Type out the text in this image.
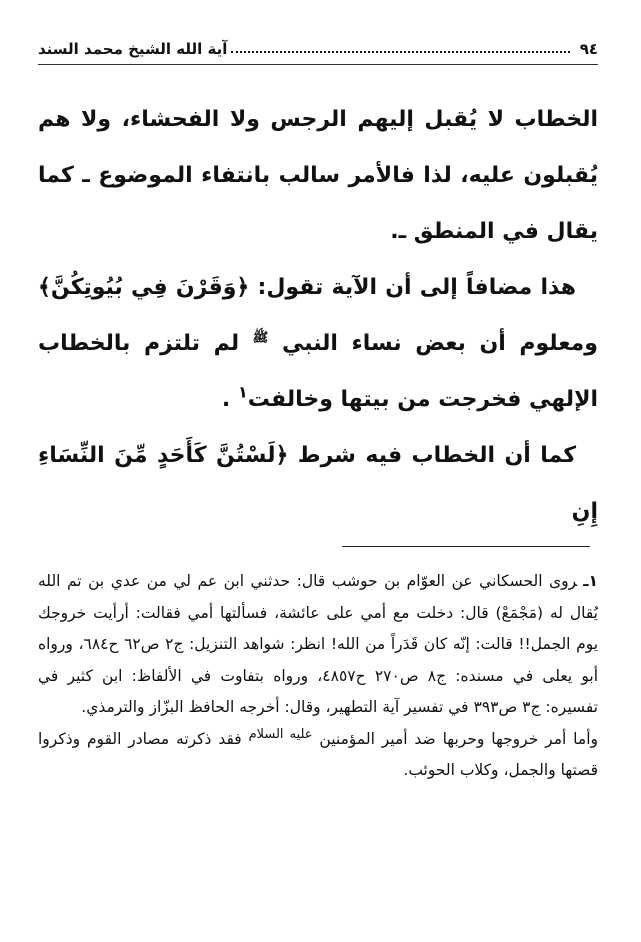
٩٤
آية الله الشيخ محمد السند

الخطاب لا يُقبل إليهم الرجس ولا الفحشاء، ولا هم يُقبلون عليه، لذا فالأمر سالب بانتفاء الموضوع ـ كما يقال في المنطق ـ.

هذا مضافاً إلى أن الآية تقول: ﴿وَقَرْنَ فِي بُيُوتِكُنَّ﴾ ومعلوم أن بعض نساء النبي $^ﷺ$ لم تلتزم بالخطاب الإلهي فخرجت من بيتها وخالفت$^١$ .

كما أن الخطاب فيه شرط ﴿لَسْتُنَّ كَأَحَدٍ مِّنَ النِّسَاءِ إِنِ

١ـروى الحسكاني عن العوّام بن حوشب قال: حدثني ابن عم لي من عدي بن تم الله يُقال له (مَجْمَعْ) قال: دخلت مع أمي على عائشة، فسألتها أمي فقالت: أرأيت خروجك يوم الجمل!! قالت: إنّه كان قَدَراً من الله! انظر: شواهد التنزيل: ج٢ ص٦٢ ح٦٨٤، ورواه أبو يعلى في مسنده: ج٨ ص٢٧٠ ح٤٨٥٧، ورواه بتفاوت في الألفاظ: ابن كثير في تفسيره: ج٣ ص٣٩٣ في تفسير آية التطهير، وقال: أخرجه الحافظ البزّاز والترمذي.

وأما أمر خروجها وحربها ضد أمير المؤمنين $^{عليه السلام}$ فقد ذكرته مصادر القوم وذكروا قصتها والجمل، وكلاب الحوئب.
